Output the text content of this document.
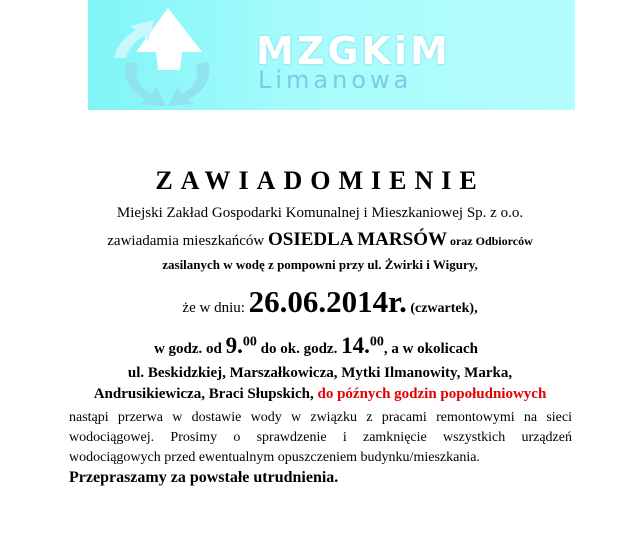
MZGKiM
Limanowa
ZAWIADOMIENIE
Miejski Zakład Gospodarki Komunalnej i Mieszkaniowej Sp. z o.o.
zawiadamia mieszkańców OSIEDLA MARSÓW oraz Odbiorców
zasilanych w wodę z pompowni przy ul. Żwirki i Wigury,
że w dniu: 26.06.2014r. (czwartek),
w godz. od 9.00 do ok. godz. 14.00, a w okolicach
ul. Beskidzkiej, Marszałkowicza, Mytki Ilmanowity, Marka,
Andrusikiewicza, Braci Słupskich, do późnych godzin popołudniowych

nastąpi przerwa w dostawie wody w związku z pracami remontowymi na sieci wodociągowej. Prosimy o sprawdzenie i zamknięcie wszystkich urządzeń wodociągowych przed ewentualnym opuszczeniem budynku/mieszkania.

Przepraszamy za powstałe utrudnienia.
